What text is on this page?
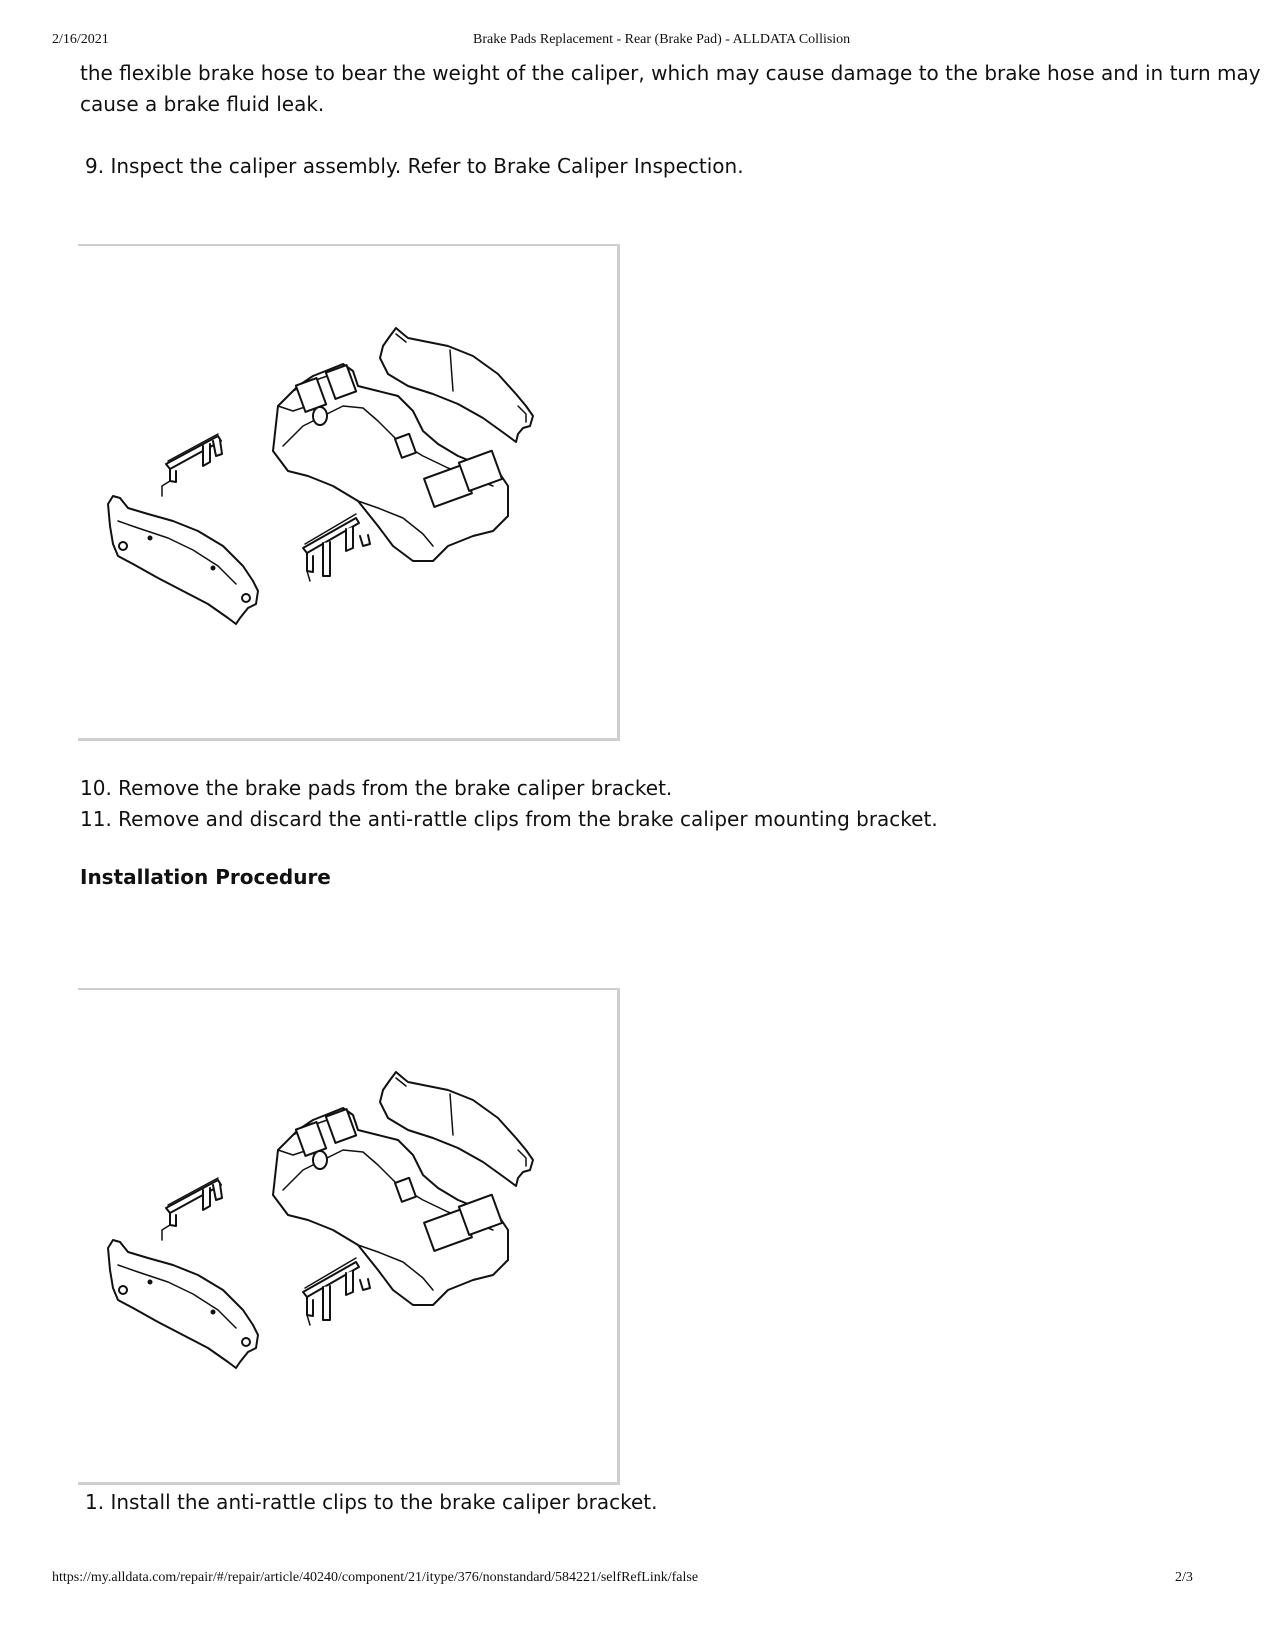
2/16/2021	Brake Pads Replacement - Rear (Brake Pad) - ALLDATA Collision
the flexible brake hose to bear the weight of the caliper, which may cause damage to the brake hose and in turn may
cause a brake fluid leak.
9. Inspect the caliper assembly. Refer to Brake Caliper Inspection.
10. Remove the brake pads from the brake caliper bracket.
11. Remove and discard the anti-rattle clips from the brake caliper mounting bracket.
Installation Procedure
1. Install the anti-rattle clips to the brake caliper bracket.
https://my.alldata.com/repair/#/repair/article/40240/component/21/itype/376/nonstandard/584221/selfRefLink/false	2/3
